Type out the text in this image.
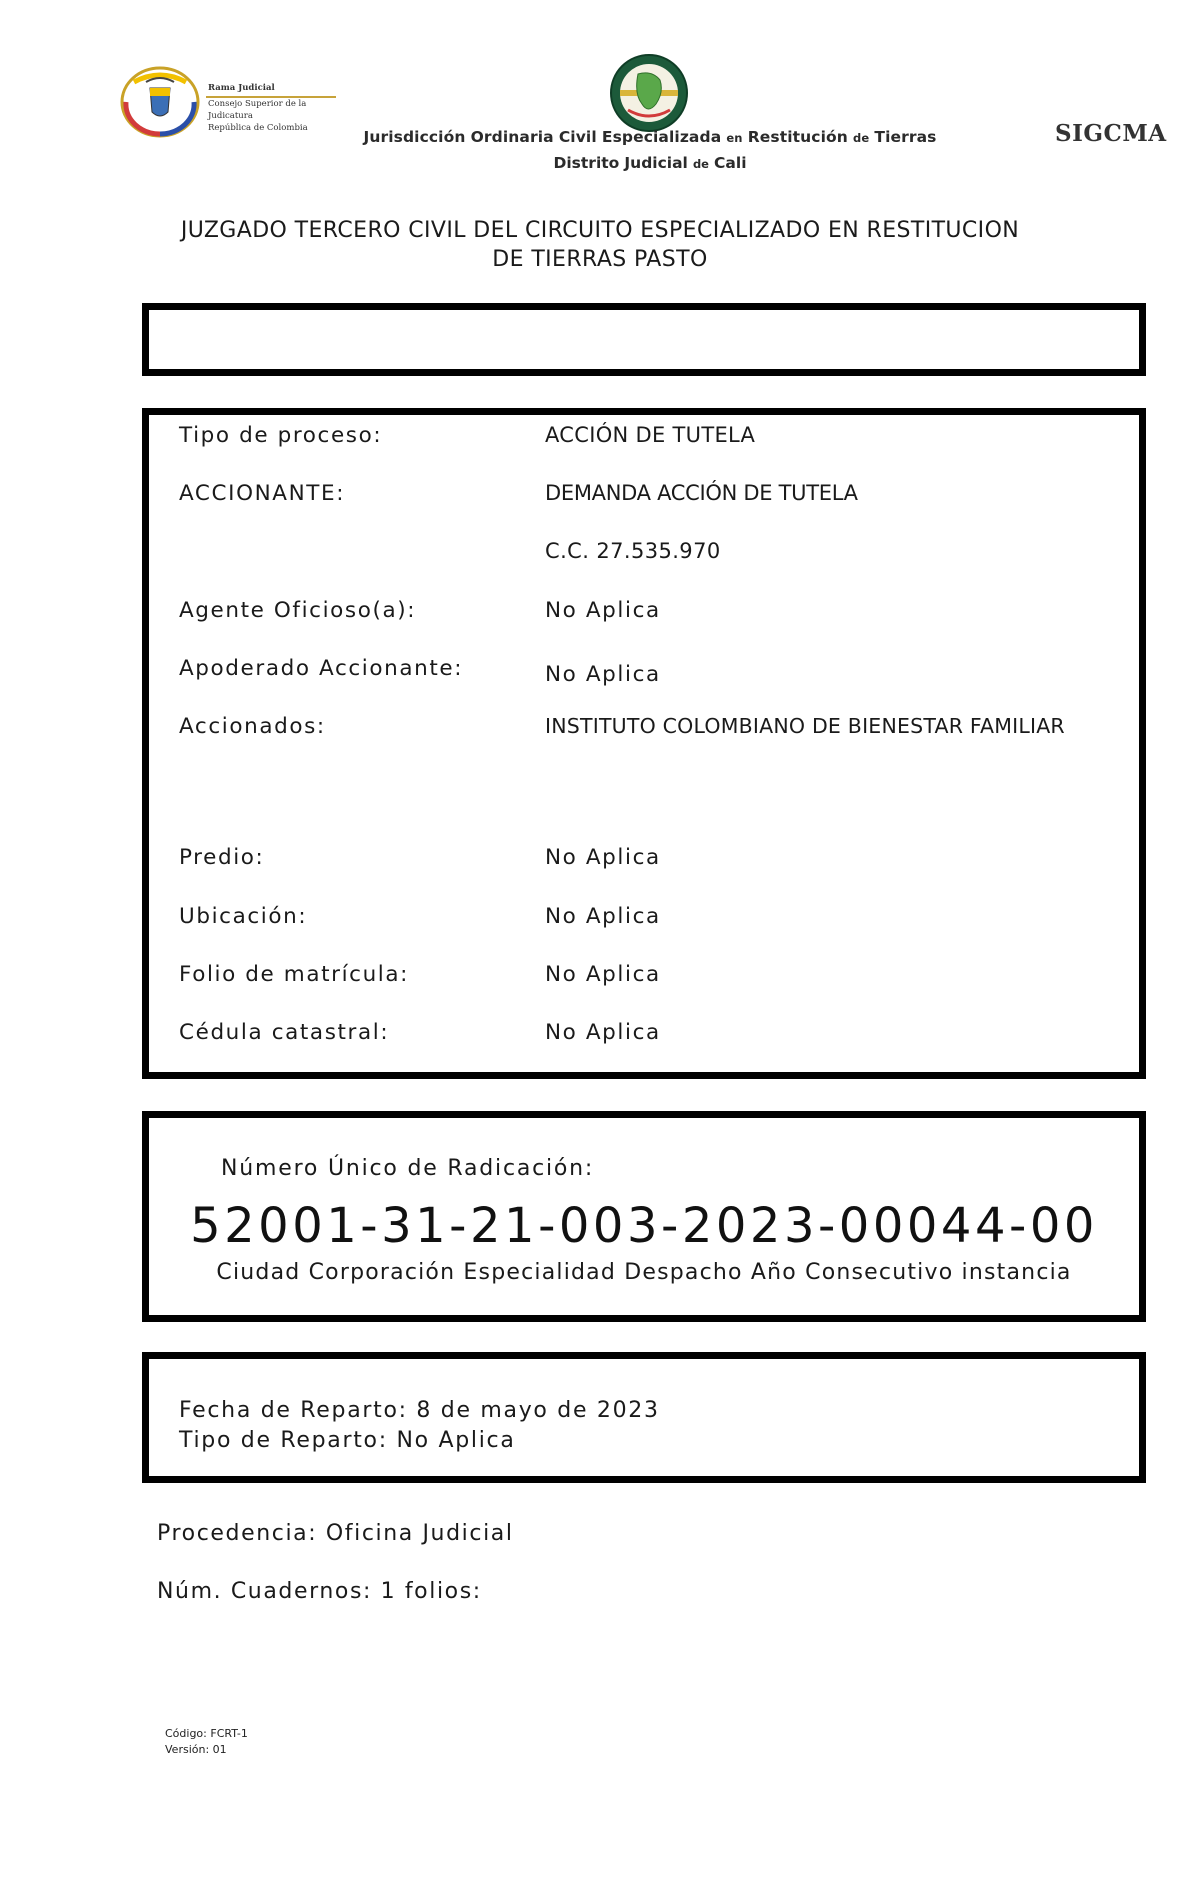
Rama Judicial
Consejo Superior de la Judicatura
República de Colombia	Jurisdicción Ordinaria Civil Especializada en Restitución de Tierras
Distrito Judicial de Cali
SIGCMA
JUZGADO TERCERO CIVIL DEL CIRCUITO ESPECIALIZADO EN RESTITUCION
DE TIERRAS PASTO
Tipo de proceso:	ACCIÓN DE TUTELA
ACCIONANTE:	DEMANDA ACCIÓN DE TUTELA
C.C. 27.535.970
Agente Oficioso(a):	No Aplica
Apoderado Accionante:	No Aplica
Accionados:	INSTITUTO COLOMBIANO DE BIENESTAR FAMILIAR
Predio:	No Aplica
Ubicación:	No Aplica
Folio de matrícula:	No Aplica
Cédula catastral:	No Aplica
Número Único de Radicación:
52001-31-21-003-2023-00044-00
Ciudad Corporación Especialidad Despacho Año Consecutivo instancia
Fecha de Reparto: 8 de mayo de 2023
Tipo de Reparto: No Aplica
Procedencia: Oficina Judicial
Núm. Cuadernos: 1 folios:
Código: FCRT-1
Versión: 01
